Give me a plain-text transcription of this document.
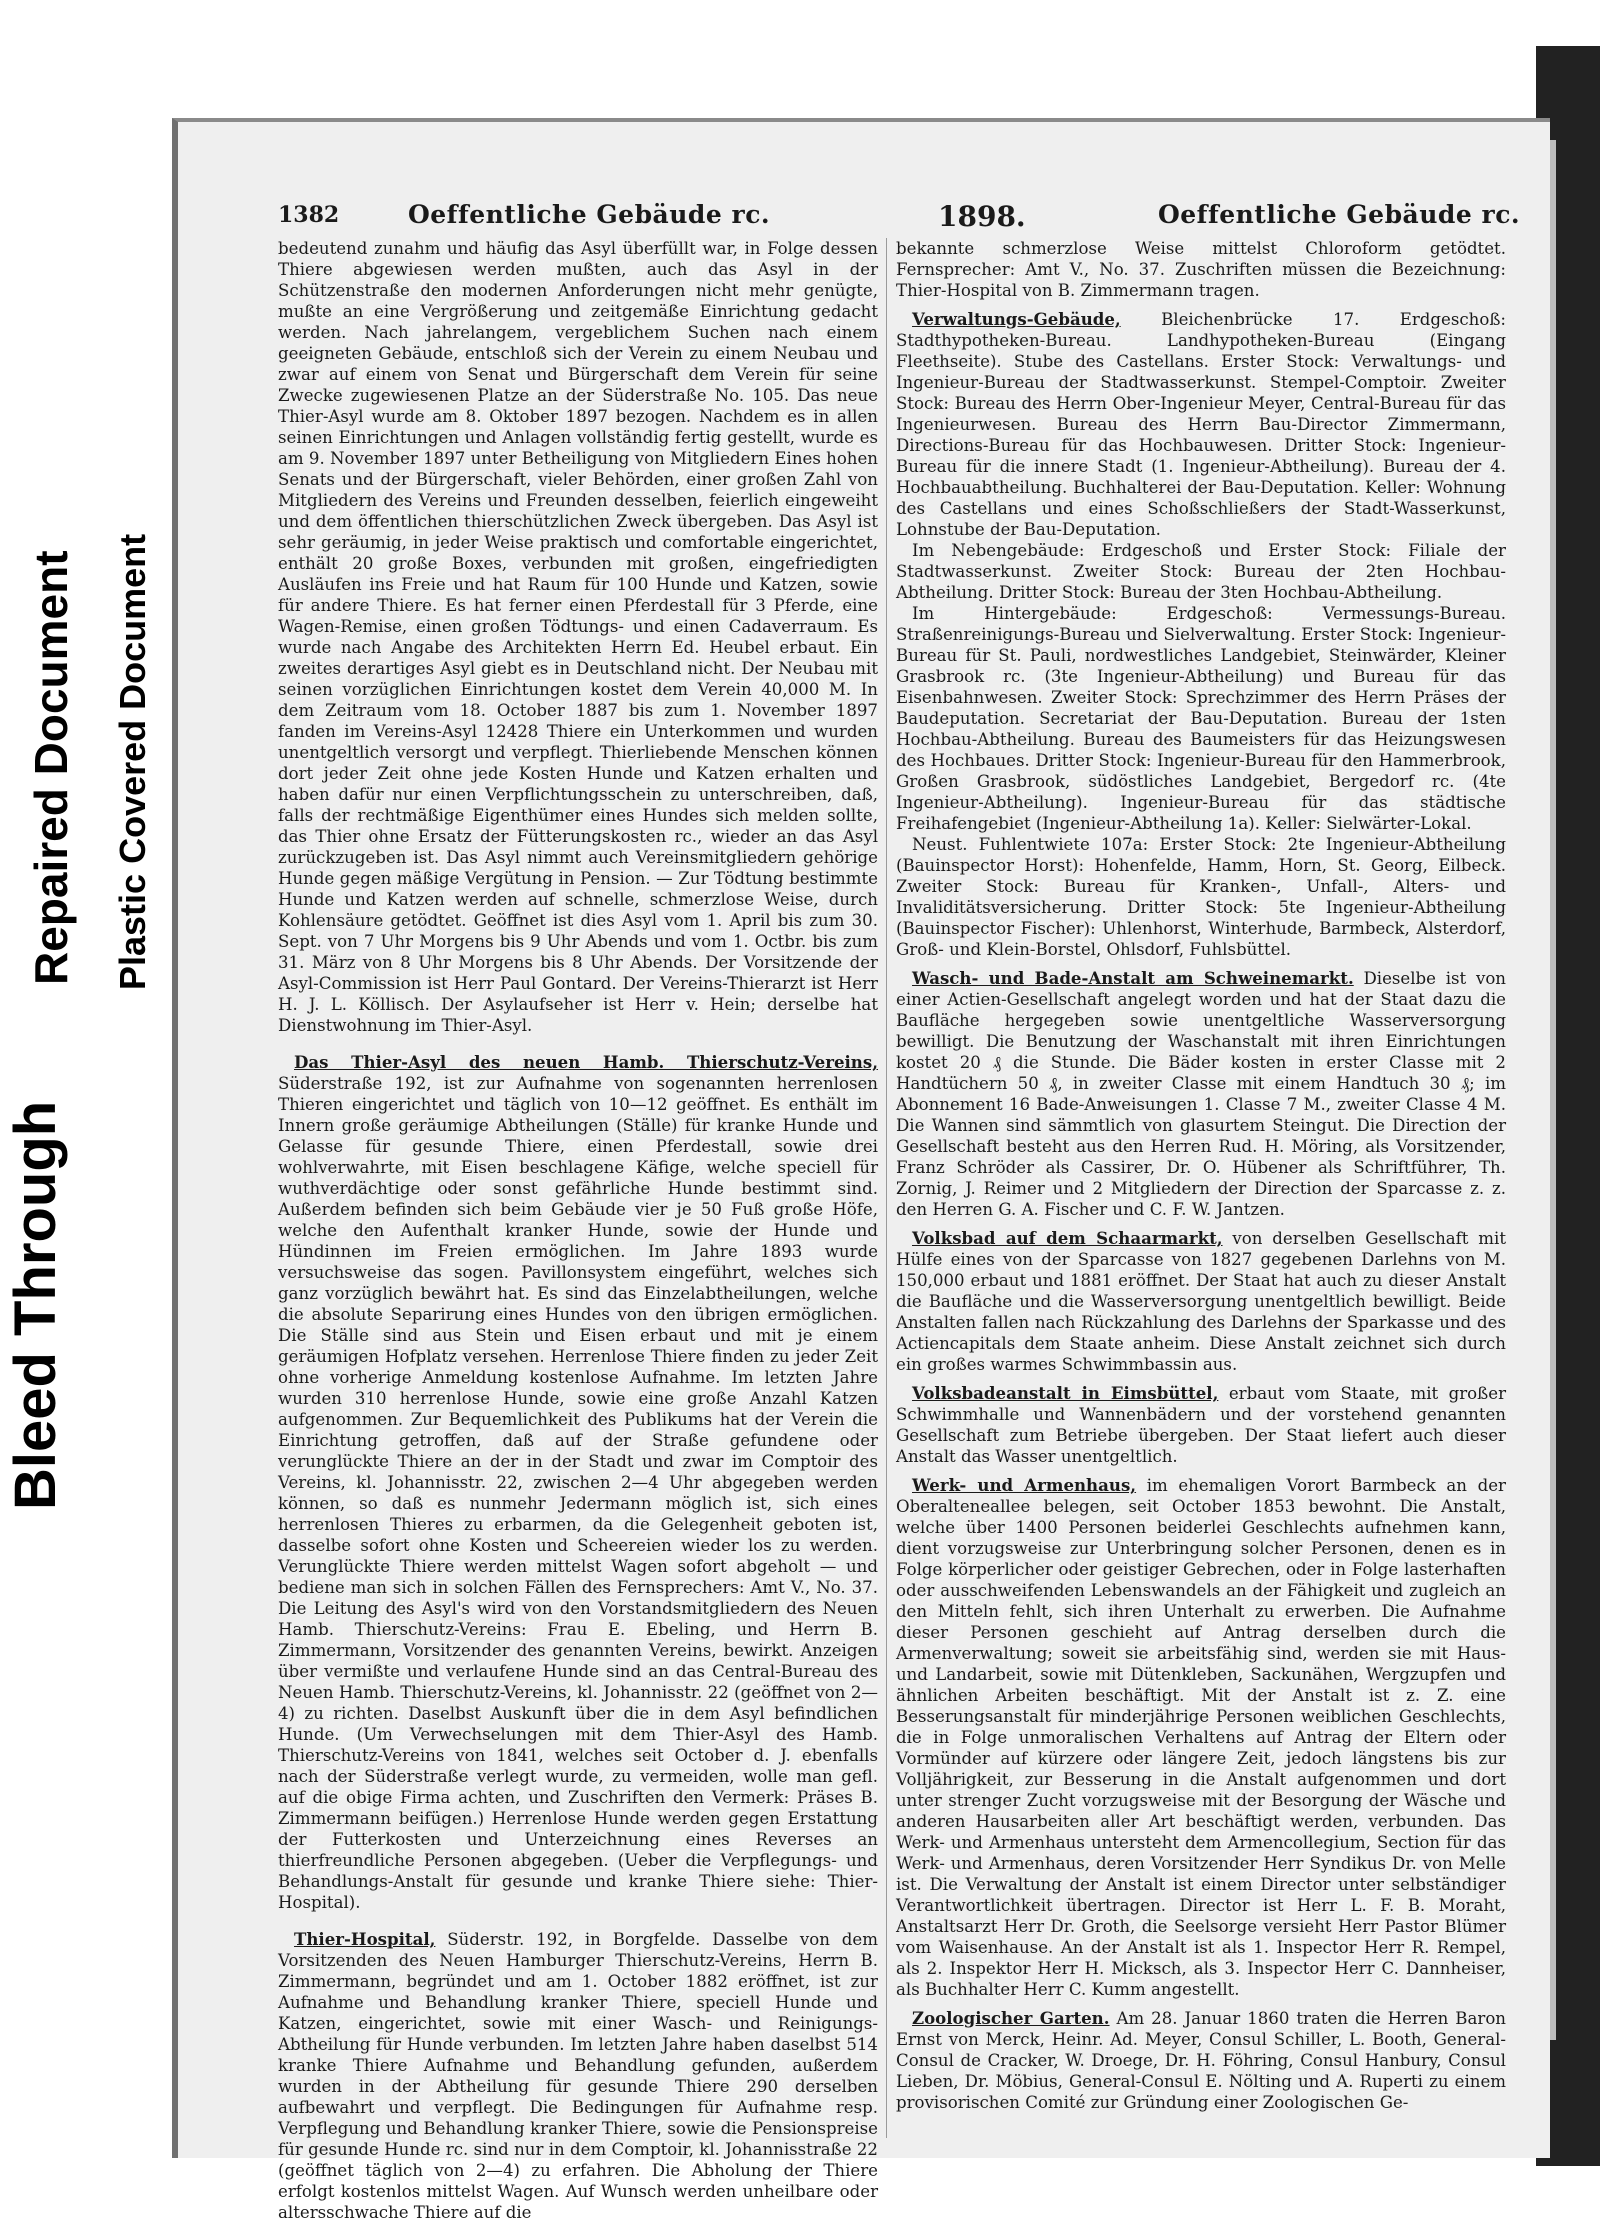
Bleed Through
Repaired Document Plastic Covered Document
1382	Oeffentliche Gebäude rc.	1898.	Oeffentliche Gebäude rc.

bedeutend zunahm und häufig das Asyl überfüllt war, in Folge dessen Thiere abgewiesen werden mußten, auch das Asyl in der Schützenstraße den modernen Anforderungen nicht mehr genügte, mußte an eine Vergrößerung und zeitgemäße Einrichtung gedacht werden. Nach jahrelangem, vergeblichem Suchen nach einem geeigneten Gebäude, entschloß sich der Verein zu einem Neubau und zwar auf einem von Senat und Bürgerschaft dem Verein für seine Zwecke zugewiesenen Platze an der Süderstraße No. 105. Das neue Thier-Asyl wurde am 8. Oktober 1897 bezogen. Nachdem es in allen seinen Einrichtungen und Anlagen vollständig fertig gestellt, wurde es am 9. November 1897 unter Betheiligung von Mitgliedern Eines hohen Senats und der Bürgerschaft, vieler Behörden, einer großen Zahl von Mitgliedern des Vereins und Freunden desselben, feierlich eingeweiht und dem öffentlichen thierschützlichen Zweck übergeben. Das Asyl ist sehr geräumig, in jeder Weise praktisch und comfortable eingerichtet, enthält 20 große Boxes, verbunden mit großen, eingefriedigten Ausläufen ins Freie und hat Raum für 100 Hunde und Katzen, sowie für andere Thiere. Es hat ferner einen Pferdestall für 3 Pferde, eine Wagen-Remise, einen großen Tödtungs- und einen Cadaverraum. Es wurde nach Angabe des Architekten Herrn Ed. Heubel erbaut. Ein zweites derartiges Asyl giebt es in Deutschland nicht. Der Neubau mit seinen vorzüglichen Einrichtungen kostet dem Verein 40,000 M. In dem Zeitraum vom 18. October 1887 bis zum 1. November 1897 fanden im Vereins-Asyl 12428 Thiere ein Unterkommen und wurden unentgeltlich versorgt und verpflegt. Thierliebende Menschen können dort jeder Zeit ohne jede Kosten Hunde und Katzen erhalten und haben dafür nur einen Verpflichtungsschein zu unterschreiben, daß, falls der rechtmäßige Eigenthümer eines Hundes sich melden sollte, das Thier ohne Ersatz der Fütterungskosten rc., wieder an das Asyl zurückzugeben ist. Das Asyl nimmt auch Vereinsmitgliedern gehörige Hunde gegen mäßige Vergütung in Pension. — Zur Tödtung bestimmte Hunde und Katzen werden auf schnelle, schmerzlose Weise, durch Kohlensäure getödtet. Geöffnet ist dies Asyl vom 1. April bis zum 30. Sept. von 7 Uhr Morgens bis 9 Uhr Abends und vom 1. Octbr. bis zum 31. März von 8 Uhr Morgens bis 8 Uhr Abends. Der Vorsitzende der Asyl-Commission ist Herr Paul Gontard. Der Vereins-Thierarzt ist Herr H. J. L. Köllisch. Der Asylaufseher ist Herr v. Hein; derselbe hat Dienstwohnung im Thier-Asyl.

Das Thier-Asyl des neuen Hamb. Thierschutz-Vereins, Süderstraße 192, ist zur Aufnahme von sogenannten herrenlosen Thieren eingerichtet und täglich von 10—12 geöffnet. Es enthält im Innern große geräumige Abtheilungen (Ställe) für kranke Hunde und Gelasse für gesunde Thiere, einen Pferdestall, sowie drei wohlverwahrte, mit Eisen beschlagene Käfige, welche speciell für wuthverdächtige oder sonst gefährliche Hunde bestimmt sind. Außerdem befinden sich beim Gebäude vier je 50 Fuß große Höfe, welche den Aufenthalt kranker Hunde, sowie der Hunde und Hündinnen im Freien ermöglichen. Im Jahre 1893 wurde versuchsweise das sogen. Pavillonsystem eingeführt, welches sich ganz vorzüglich bewährt hat. Es sind das Einzelabtheilungen, welche die absolute Separirung eines Hundes von den übrigen ermöglichen. Die Ställe sind aus Stein und Eisen erbaut und mit je einem geräumigen Hofplatz versehen. Herrenlose Thiere finden zu jeder Zeit ohne vorherige Anmeldung kostenlose Aufnahme. Im letzten Jahre wurden 310 herrenlose Hunde, sowie eine große Anzahl Katzen aufgenommen. Zur Bequemlichkeit des Publikums hat der Verein die Einrichtung getroffen, daß auf der Straße gefundene oder verunglückte Thiere an der in der Stadt und zwar im Comptoir des Vereins, kl. Johannisstr. 22, zwischen 2—4 Uhr abgegeben werden können, so daß es nunmehr Jedermann möglich ist, sich eines herrenlosen Thieres zu erbarmen, da die Gelegenheit geboten ist, dasselbe sofort ohne Kosten und Scheereien wieder los zu werden. Verunglückte Thiere werden mittelst Wagen sofort abgeholt — und bediene man sich in solchen Fällen des Fernsprechers: Amt V., No. 37. Die Leitung des Asyl's wird von den Vorstandsmitgliedern des Neuen Hamb. Thierschutz-Vereins: Frau E. Ebeling, und Herrn B. Zimmermann, Vorsitzender des genannten Vereins, bewirkt. Anzeigen über vermißte und verlaufene Hunde sind an das Central-Bureau des Neuen Hamb. Thierschutz-Vereins, kl. Johannisstr. 22 (geöffnet von 2—4) zu richten. Daselbst Auskunft über die in dem Asyl befindlichen Hunde. (Um Verwechselungen mit dem Thier-Asyl des Hamb. Thierschutz-Vereins von 1841, welches seit October d. J. ebenfalls nach der Süderstraße verlegt wurde, zu vermeiden, wolle man gefl. auf die obige Firma achten, und Zuschriften den Vermerk: Präses B. Zimmermann beifügen.) Herrenlose Hunde werden gegen Erstattung der Futterkosten und Unterzeichnung eines Reverses an thierfreundliche Personen abgegeben. (Ueber die Verpflegungs- und Behandlungs-Anstalt für gesunde und kranke Thiere siehe: Thier-Hospital).

Thier-Hospital, Süderstr. 192, in Borgfelde. Dasselbe von dem Vorsitzenden des Neuen Hamburger Thierschutz-Vereins, Herrn B. Zimmermann, begründet und am 1. October 1882 eröffnet, ist zur Aufnahme und Behandlung kranker Thiere, speciell Hunde und Katzen, eingerichtet, sowie mit einer Wasch- und Reinigungs-Abtheilung für Hunde verbunden. Im letzten Jahre haben daselbst 514 kranke Thiere Aufnahme und Behandlung gefunden, außerdem wurden in der Abtheilung für gesunde Thiere 290 derselben aufbewahrt und verpflegt. Die Bedingungen für Aufnahme resp. Verpflegung und Behandlung kranker Thiere, sowie die Pensionspreise für gesunde Hunde rc. sind nur in dem Comptoir, kl. Johannisstraße 22 (geöffnet täglich von 2—4) zu erfahren. Die Abholung der Thiere erfolgt kostenlos mittelst Wagen. Auf Wunsch werden unheilbare oder altersschwache Thiere auf die

bekannte schmerzlose Weise mittelst Chloroform getödtet. Fernsprecher: Amt V., No. 37. Zuschriften müssen die Bezeichnung: Thier-Hospital von B. Zimmermann tragen.

Verwaltungs-Gebäude, Bleichenbrücke 17. Erdgeschoß: Stadthypotheken-Bureau. Landhypotheken-Bureau (Eingang Fleethseite). Stube des Castellans. Erster Stock: Verwaltungs- und Ingenieur-Bureau der Stadtwasserkunst. Stempel-Comptoir. Zweiter Stock: Bureau des Herrn Ober-Ingenieur Meyer, Central-Bureau für das Ingenieurwesen. Bureau des Herrn Bau-Director Zimmermann, Directions-Bureau für das Hochbauwesen. Dritter Stock: Ingenieur-Bureau für die innere Stadt (1. Ingenieur-Abtheilung). Bureau der 4. Hochbauabtheilung. Buchhalterei der Bau-Deputation. Keller: Wohnung des Castellans und eines Schoßschließers der Stadt-Wasserkunst, Lohnstube der Bau-Deputation.

Im Nebengebäude: Erdgeschoß und Erster Stock: Filiale der Stadtwasserkunst. Zweiter Stock: Bureau der 2ten Hochbau-Abtheilung. Dritter Stock: Bureau der 3ten Hochbau-Abtheilung.

Im Hintergebäude: Erdgeschoß: Vermessungs-Bureau. Straßenreinigungs-Bureau und Sielverwaltung. Erster Stock: Ingenieur-Bureau für St. Pauli, nordwestliches Landgebiet, Steinwärder, Kleiner Grasbrook rc. (3te Ingenieur-Abtheilung) und Bureau für das Eisenbahnwesen. Zweiter Stock: Sprechzimmer des Herrn Präses der Baudeputation. Secretariat der Bau-Deputation. Bureau der 1sten Hochbau-Abtheilung. Bureau des Baumeisters für das Heizungswesen des Hochbaues. Dritter Stock: Ingenieur-Bureau für den Hammerbrook, Großen Grasbrook, südöstliches Landgebiet, Bergedorf rc. (4te Ingenieur-Abtheilung). Ingenieur-Bureau für das städtische Freihafengebiet (Ingenieur-Abtheilung 1a). Keller: Sielwärter-Lokal.

Neust. Fuhlentwiete 107a: Erster Stock: 2te Ingenieur-Abtheilung (Bauinspector Horst): Hohenfelde, Hamm, Horn, St. Georg, Eilbeck. Zweiter Stock: Bureau für Kranken-, Unfall-, Alters- und Invaliditätsversicherung. Dritter Stock: 5te Ingenieur-Abtheilung (Bauinspector Fischer): Uhlenhorst, Winterhude, Barmbeck, Alsterdorf, Groß- und Klein-Borstel, Ohlsdorf, Fuhlsbüttel.

Wasch- und Bade-Anstalt am Schweinemarkt. Dieselbe ist von einer Actien-Gesellschaft angelegt worden und hat der Staat dazu die Baufläche hergegeben sowie unentgeltliche Wasserversorgung bewilligt. Die Benutzung der Waschanstalt mit ihren Einrichtungen kostet 20 ₰ die Stunde. Die Bäder kosten in erster Classe mit 2 Handtüchern 50 ₰, in zweiter Classe mit einem Handtuch 30 ₰; im Abonnement 16 Bade-Anweisungen 1. Classe 7 M., zweiter Classe 4 M. Die Wannen sind sämmtlich von glasurtem Steingut. Die Direction der Gesellschaft besteht aus den Herren Rud. H. Möring, als Vorsitzender, Franz Schröder als Cassirer, Dr. O. Hübener als Schriftführer, Th. Zornig, J. Reimer und 2 Mitgliedern der Direction der Sparcasse z. z. den Herren G. A. Fischer und C. F. W. Jantzen.

Volksbad auf dem Schaarmarkt, von derselben Gesellschaft mit Hülfe eines von der Sparcasse von 1827 gegebenen Darlehns von M. 150,000 erbaut und 1881 eröffnet. Der Staat hat auch zu dieser Anstalt die Baufläche und die Wasserversorgung unentgeltlich bewilligt. Beide Anstalten fallen nach Rückzahlung des Darlehns der Sparkasse und des Actiencapitals dem Staate anheim. Diese Anstalt zeichnet sich durch ein großes warmes Schwimmbassin aus.

Volksbadeanstalt in Eimsbüttel, erbaut vom Staate, mit großer Schwimmhalle und Wannenbädern und der vorstehend genannten Gesellschaft zum Betriebe übergeben. Der Staat liefert auch dieser Anstalt das Wasser unentgeltlich.

Werk- und Armenhaus, im ehemaligen Vorort Barmbeck an der Oberalteneallee belegen, seit October 1853 bewohnt. Die Anstalt, welche über 1400 Personen beiderlei Geschlechts aufnehmen kann, dient vorzugsweise zur Unterbringung solcher Personen, denen es in Folge körperlicher oder geistiger Gebrechen, oder in Folge lasterhaften oder ausschweifenden Lebenswandels an der Fähigkeit und zugleich an den Mitteln fehlt, sich ihren Unterhalt zu erwerben. Die Aufnahme dieser Personen geschieht auf Antrag derselben durch die Armenverwaltung; soweit sie arbeitsfähig sind, werden sie mit Haus- und Landarbeit, sowie mit Dütenkleben, Sackunähen, Wergzupfen und ähnlichen Arbeiten beschäftigt. Mit der Anstalt ist z. Z. eine Besserungsanstalt für minderjährige Personen weiblichen Geschlechts, die in Folge unmoralischen Verhaltens auf Antrag der Eltern oder Vormünder auf kürzere oder längere Zeit, jedoch längstens bis zur Volljährigkeit, zur Besserung in die Anstalt aufgenommen und dort unter strenger Zucht vorzugsweise mit der Besorgung der Wäsche und anderen Hausarbeiten aller Art beschäftigt werden, verbunden. Das Werk- und Armenhaus untersteht dem Armencollegium, Section für das Werk- und Armenhaus, deren Vorsitzender Herr Syndikus Dr. von Melle ist. Die Verwaltung der Anstalt ist einem Director unter selbständiger Verantwortlichkeit übertragen. Director ist Herr L. F. B. Moraht, Anstaltsarzt Herr Dr. Groth, die Seelsorge versieht Herr Pastor Blümer vom Waisenhause. An der Anstalt ist als 1. Inspector Herr R. Rempel, als 2. Inspektor Herr H. Micksch, als 3. Inspector Herr C. Dannheiser, als Buchhalter Herr C. Kumm angestellt.

Zoologischer Garten. Am 28. Januar 1860 traten die Herren Baron Ernst von Merck, Heinr. Ad. Meyer, Consul Schiller, L. Booth, General-Consul de Cracker, W. Droege, Dr. H. Föhring, Consul Hanbury, Consul Lieben, Dr. Möbius, General-Consul E. Nölting und A. Ruperti zu einem provisorischen Comité zur Gründung einer Zoologischen Ge-
